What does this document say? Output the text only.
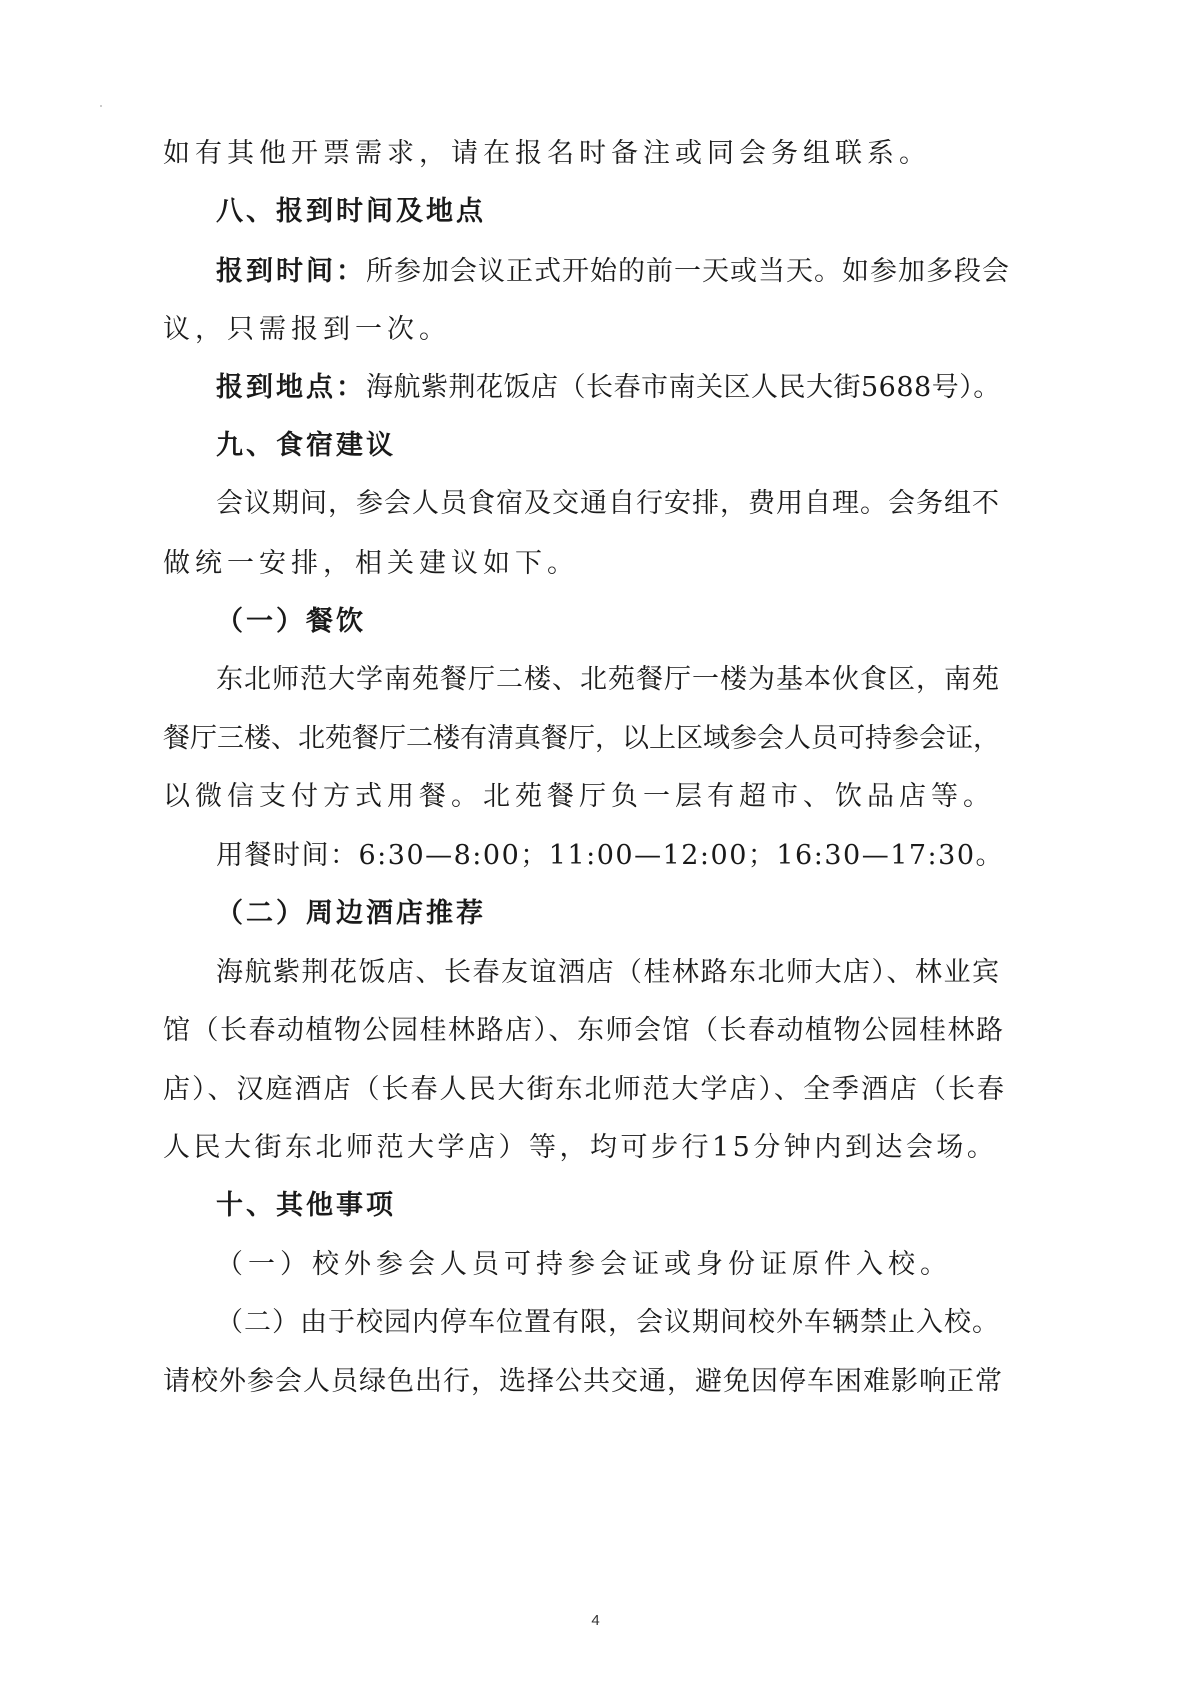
如有其他开票需求，请在报名时备注或同会务组联系。
八、报到时间及地点
报到时间：所参加会议正式开始的前一天或当天。如参加多段会
议，只需报到一次。
报到地点：海航紫荆花饭店（长春市南关区人民大街5688号）。
九、食宿建议
会议期间，参会人员食宿及交通自行安排，费用自理。会务组不
做统一安排，相关建议如下。
（一）餐饮
东北师范大学南苑餐厅二楼、北苑餐厅一楼为基本伙食区，南苑
餐厅三楼、北苑餐厅二楼有清真餐厅，以上区域参会人员可持参会证，
以微信支付方式用餐。北苑餐厅负一层有超市、饮品店等。
用餐时间：6:30—8:00；11:00—12:00；16:30—17:30。
（二）周边酒店推荐
海航紫荆花饭店、长春友谊酒店（桂林路东北师大店）、林业宾
馆（长春动植物公园桂林路店）、东师会馆（长春动植物公园桂林路
店）、汉庭酒店（长春人民大街东北师范大学店）、全季酒店（长春
人民大街东北师范大学店）等，均可步行15分钟内到达会场。
十、其他事项
（一）校外参会人员可持参会证或身份证原件入校。
（二）由于校园内停车位置有限，会议期间校外车辆禁止入校。
请校外参会人员绿色出行，选择公共交通，避免因停车困难影响正常
4
